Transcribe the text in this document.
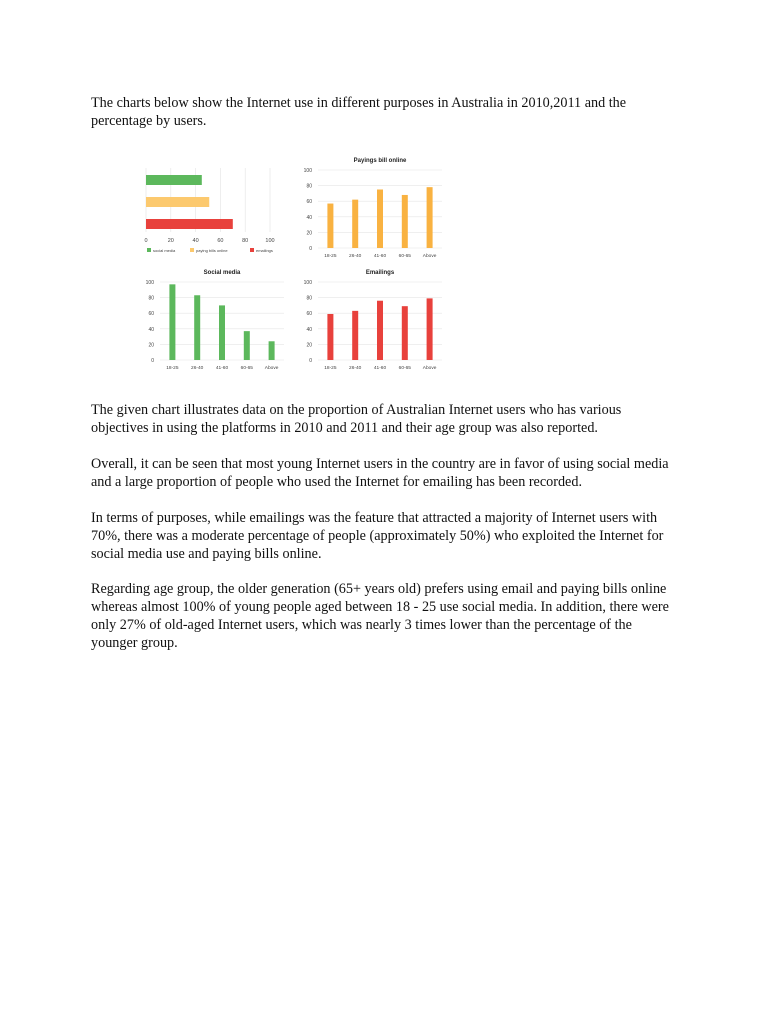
The charts below show the Internet use in different purposes in Australia in 2010,2011 and the percentage by users.

0	20	40	60	80	100
social media	paying bills online	emailings
Payings bill online
0
20
40
60
80
100
18-25	26-40	41-60	60-65 Above
Social media
0
20
40
60
80
100
18-25	26-40	41-60	60-65 Above
Emailings
0
20
40
60
80
100
18-25	26-40	41-60	60-65 Above

The given chart illustrates data on the proportion of Australian Internet users who has various objectives in using the platforms in 2010 and 2011 and their age group was also reported.

Overall, it can be seen that most young Internet users in the country are in favor of using social media and a large proportion of people who used the Internet for emailing has been recorded.

In terms of purposes, while emailings was the feature that attracted a majority of Internet users with 70%, there was a moderate percentage of people (approximately 50%) who exploited the Internet for social media use and paying bills online.

Regarding age group, the older generation (65+ years old) prefers using email and paying bills online whereas almost 100% of young people aged between 18 - 25 use social media. In addition, there were only 27% of old-aged Internet users, which was nearly 3 times lower than the percentage of the younger group.
